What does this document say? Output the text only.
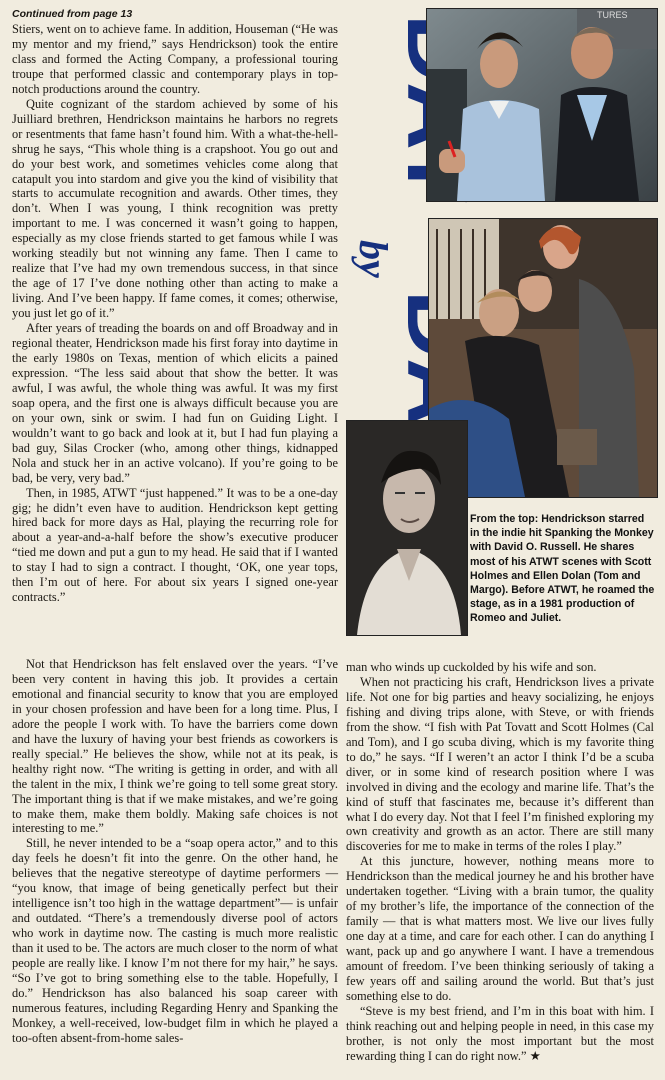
Continued from page 13

Stiers, went on to achieve fame. In addition, Houseman (“He was my mentor and my friend,” says Hendrickson) took the entire class and formed the Acting Company, a professional touring troupe that performed classic and contemporary plays in top-notch productions around the country.

Quite cognizant of the stardom achieved by some of his Juilliard brethren, Hendrickson maintains he harbors no regrets or resentments that fame hasn’t found him. With a what-the-hell-shrug he says, “This whole thing is a crapshoot. You go out and do your best work, and sometimes vehicles come along that catapult you into stardom and give you the kind of visibility that starts to accumulate recognition and awards. Other times, they don’t. When I was young, I think recognition was pretty important to me. I was concerned it wasn’t going to happen, especially as my close friends started to get famous while I was working steadily but not winning any fame. Then I came to realize that I’ve had my own tremendous success, in that since the age of 17 I’ve done nothing other than acting to make a living. And I’ve been happy. If fame comes, it comes; otherwise, you just let go of it.”

After years of treading the boards on and off Broadway and in regional theater, Hendrickson made his first foray into daytime in the early 1980s on Texas, mention of which elicits a pained expression. “The less said about that show the better. It was awful, I was awful, the whole thing was awful. It was my first soap opera, and the first one is always difficult because you are on your own, sink or swim. I had fun on Guiding Light. I wouldn’t want to go back and look at it, but I had fun playing a bad guy, Silas Crocker (who, among other things, kidnapped Nola and stuck her in an active volcano). If you’re going to be bad, be very, very bad.”

Then, in 1985, ATWT “just happened.” It was to be a one-day gig; he didn’t even have to audition. Hendrickson kept getting hired back for more days as Hal, playing the recurring role for about a year-and-a-half before the show’s executive producer “tied me down and put a gun to my head. He said that if I wanted to stay I had to sign a contract. I thought, ‘OK, one year tops, then I’m out of here. For about six years I signed one-year contracts.”

Not that Hendrickson has felt enslaved over the years. “I’ve been very content in having this job. It provides a certain emotional and financial security to know that you are employed in your chosen profession and have been for a long time. Plus, I adore the people I work with. To have the barriers come down and have the luxury of having your best friends as coworkers is really special.” He believes the show, while not at its peak, is healthy right now. “The writing is getting in order, and with all the talent in the mix, I think we’re going to tell some great story. The important thing is that if we make mistakes, and we’re going to make them, make them boldly. Making safe choices is not interesting to me.”

Still, he never intended to be a “soap opera actor,” and to this day feels he doesn’t fit into the genre. On the other hand, he believes that the negative stereotype of daytime performers — “you know, that image of being genetically perfect but their intelligence isn’t too high in the wattage department”— is unfair and outdated. “There’s a tremendously diverse pool of actors who work in daytime now. The casting is much more realistic than it used to be. The actors are much closer to the norm of what people are really like. I know I’m not there for my hair,” he says. “So I’ve got to bring something else to the table. Hopefully, I do.” Hendrickson has also balanced his soap career with numerous features, including Regarding Henry and Spanking the Monkey, a well-received, low-budget film in which he played a too-often absent-from-home sales-

man who winds up cuckolded by his wife and son.

When not practicing his craft, Hendrickson lives a private life. Not one for big parties and heavy socializing, he enjoys fishing and diving trips alone, with Steve, or with friends from the show. “I fish with Pat Tovatt and Scott Holmes (Cal and Tom), and I go scuba diving, which is my favorite thing to do,” he says. “If I weren’t an actor I think I’d be a scuba diver, or in some kind of research position where I was involved in diving and the ecology and marine life. That’s the kind of stuff that fascinates me, because it’s different than what I do every day. Not that I feel I’m finished exploring my own creativity and growth as an actor. There are still many discoveries for me to make in terms of the roles I play.”

At this juncture, however, nothing means more to Hendrickson than the medical journey he and his brother have undertaken together. “Living with a brain tumor, the quality of my brother’s life, the importance of the connection of the family — that is what matters most. We live our lives fully one day at a time, and care for each other. I can do anything I want, pack up and go anywhere I want. I have a tremendous amount of freedom. I’ve been thinking seriously of taking a few years off and sailing around the world. But that’s just something else to do.

“Steve is my best friend, and I’m in this boat with him. I think reaching out and helping people in need, in this case my brother, is not only the most important but the most rewarding thing I can do right now.” ★

by
TURES
From the top: Hendrickson starred in the indie hit Spanking the Monkey with David O. Russell. He shares most of his ATWT scenes with Scott Holmes and Ellen Dolan (Tom and Margo). Before ATWT, he roamed the stage, as in a 1981 production of Romeo and Juliet.
